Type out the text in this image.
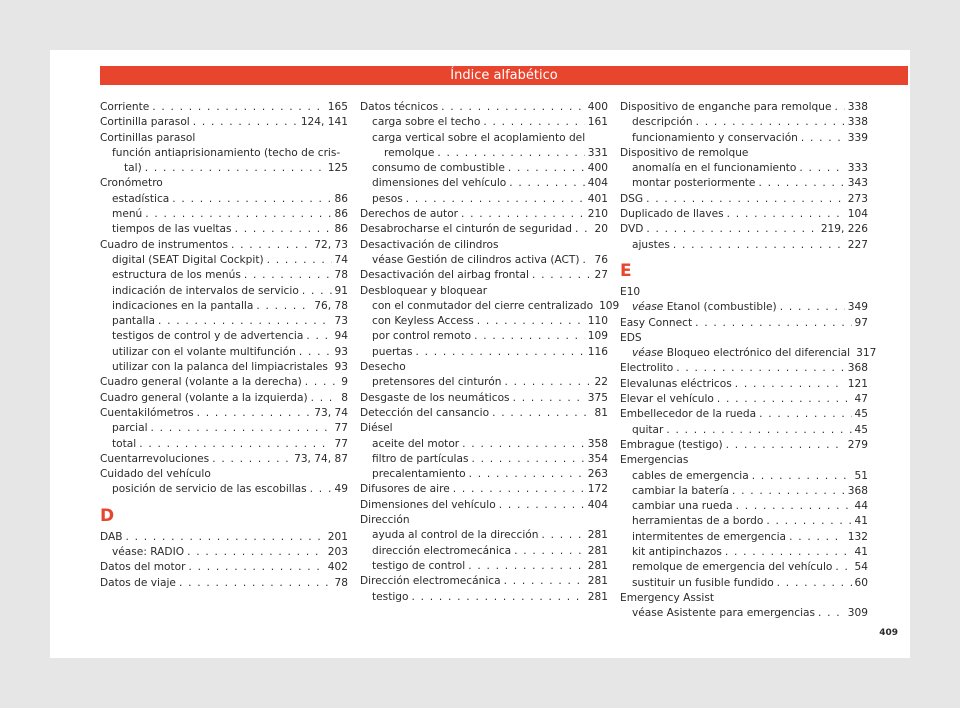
Índice alfabético
Corriente . . .	165
Cortinilla parasol . . .	124, 141
Cortinillas parasol
función antiaprisionamiento (techo de cris-
tal) . . .	125
Cronómetro
estadística . . .	86
menú . . .	86
tiempos de las vueltas . . .	86
Cuadro de instrumentos . . .	72, 73
digital (SEAT Digital Cockpit) . . .	74
estructura de los menús . . .	78
indicación de intervalos de servicio . . .	91
indicaciones en la pantalla . . .	76, 78
pantalla . . .	73
testigos de control y de advertencia . . .	94
utilizar con el volante multifunción . . .	93
utilizar con la palanca del limpiacristales . . . 93
Cuadro general (volante a la derecha) . . .	9
Cuadro general (volante a la izquierda) . . .	8
Cuentakilómetros . . .	73, 74
parcial . . .	77
total . . .	77
Cuentarrevoluciones . . .	73, 74, 87
Cuidado del vehículo
posición de servicio de las escobillas . . .	49
D
DAB . . .	201
véase: RADIO . . .	203
Datos del motor . . .	402
Datos de viaje . . .	78
Datos técnicos . . .	400
carga sobre el techo . . .	161
carga vertical sobre el acoplamiento del
remolque . . .	331
consumo de combustible . . .	400
dimensiones del vehículo . . .	404
pesos . . .	401
Derechos de autor . . .	210
Desabrocharse el cinturón de seguridad . . . 20
Desactivación de cilindros
véase Gestión de cilindros activa (ACT) . . . 76
Desactivación del airbag frontal . . .	27
Desbloquear y bloquear
con el conmutador del cierre centralizado 109
con Keyless Access . . .	110
por control remoto . . .	109
puertas . . .	116
Desecho
pretensores del cinturón . . .	22
Desgaste de los neumáticos . . .	375
Detección del cansancio . . .	81
Diésel
aceite del motor . . .	358
filtro de partículas . . .	354
precalentamiento . . .	263
Difusores de aire . . .	172
Dimensiones del vehículo . . .	404
Dirección
ayuda al control de la dirección . . .	281
dirección electromecánica . . .	281
testigo de control . . .	281
Dirección electromecánica . . .	281
testigo . . .	281
Dispositivo de enganche para remolque . . . 338
descripción . . .	338
funcionamiento y conservación . . .	339
Dispositivo de remolque
anomalía en el funcionamiento . . .	333
montar posteriormente . . .	343
DSG . . .	273
Duplicado de llaves . . .	104
DVD . . .	219, 226
ajustes . . .	227
E
E10
véase Etanol (combustible) . . .	349
Easy Connect . . .	97
EDS
véase Bloqueo electrónico del diferencial 317
Electrolito . . .	368
Elevalunas eléctricos . . .	121
Elevar el vehículo . . .	47
Embellecedor de la rueda . . .	45
quitar . . .	45
Embrague (testigo) . . .	279
Emergencias
cables de emergencia . . .	51
cambiar la batería . . .	368
cambiar una rueda . . .	44
herramientas de a bordo . . .	41
intermitentes de emergencia . . .	132
kit antipinchazos . . .	41
remolque de emergencia del vehículo . . . 54
sustituir un fusible fundido . . .	60
Emergency Assist
véase Asistente para emergencias . . .	309
409
